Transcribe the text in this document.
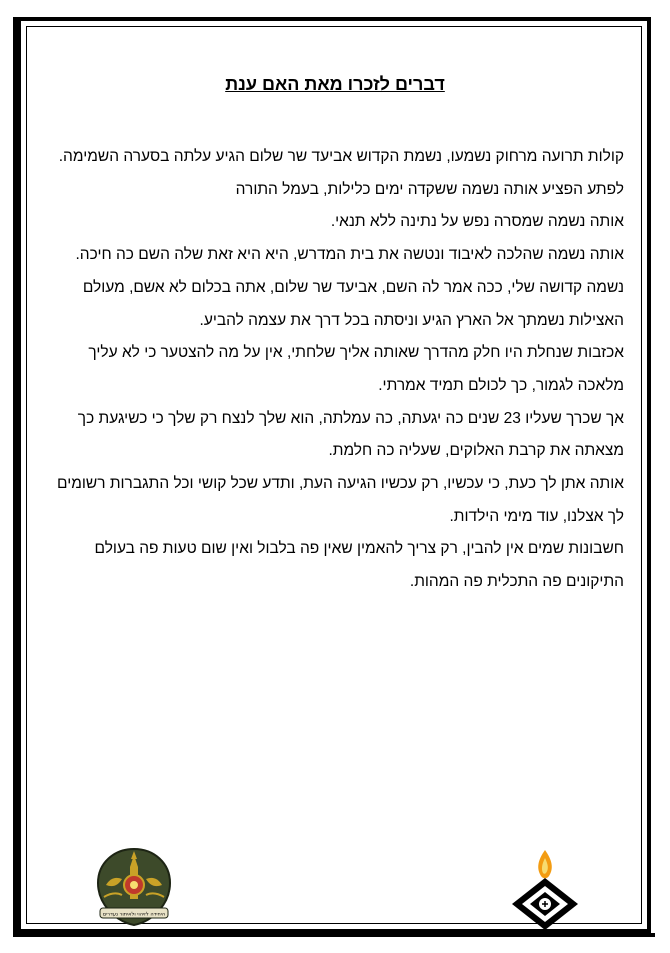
דברים לזכרו מאת האם ענת

קולות תרועה מרחוק נשמעו, נשמת הקדוש אביעד שר שלום הגיע עלתה בסערה השמימה.

לפתע הפציע אותה נשמה ששקדה ימים כלילות, בעמל התורה

אותה נשמה שמסרה נפש על נתינה ללא תנאי.

אותה נשמה שהלכה לאיבוד ונטשה את בית המדרש, היא היא זאת שלה השם כה חיכה.

נשמה קדושה שלי, ככה אמר לה השם, אביעד שר שלום, אתה בכלום לא אשם, מעולם האצילות נשמתך אל הארץ הגיע וניסתה בכל דרך את עצמה להביע.

אכזבות שנחלת היו חלק מהדרך שאותה אליך שלחתי, אין על מה להצטער כי לא עליך מלאכה לגמור, כך לכולם תמיד אמרתי.

אך שכרך שעליו 23 שנים כה יגעתה, כה עמלתה, הוא שלך לנצח רק שלך כי כשיגעת כך מצאתה את קרבת האלוקים, שעליה כה חלמת.

אותה אתן לך כעת, כי עכשיו, רק עכשיו הגיעה העת, ותדע שכל קושי וכל התגברות רשומים לך אצלנו, עוד מימי הילדות.

חשבונות שמים אין להבין, רק צריך להאמין שאין פה בלבול ואין שום טעות פה בעולם התיקונים פה התכלית פה המהות.

היחידה לזיהוי ולאיתור נעדרים
